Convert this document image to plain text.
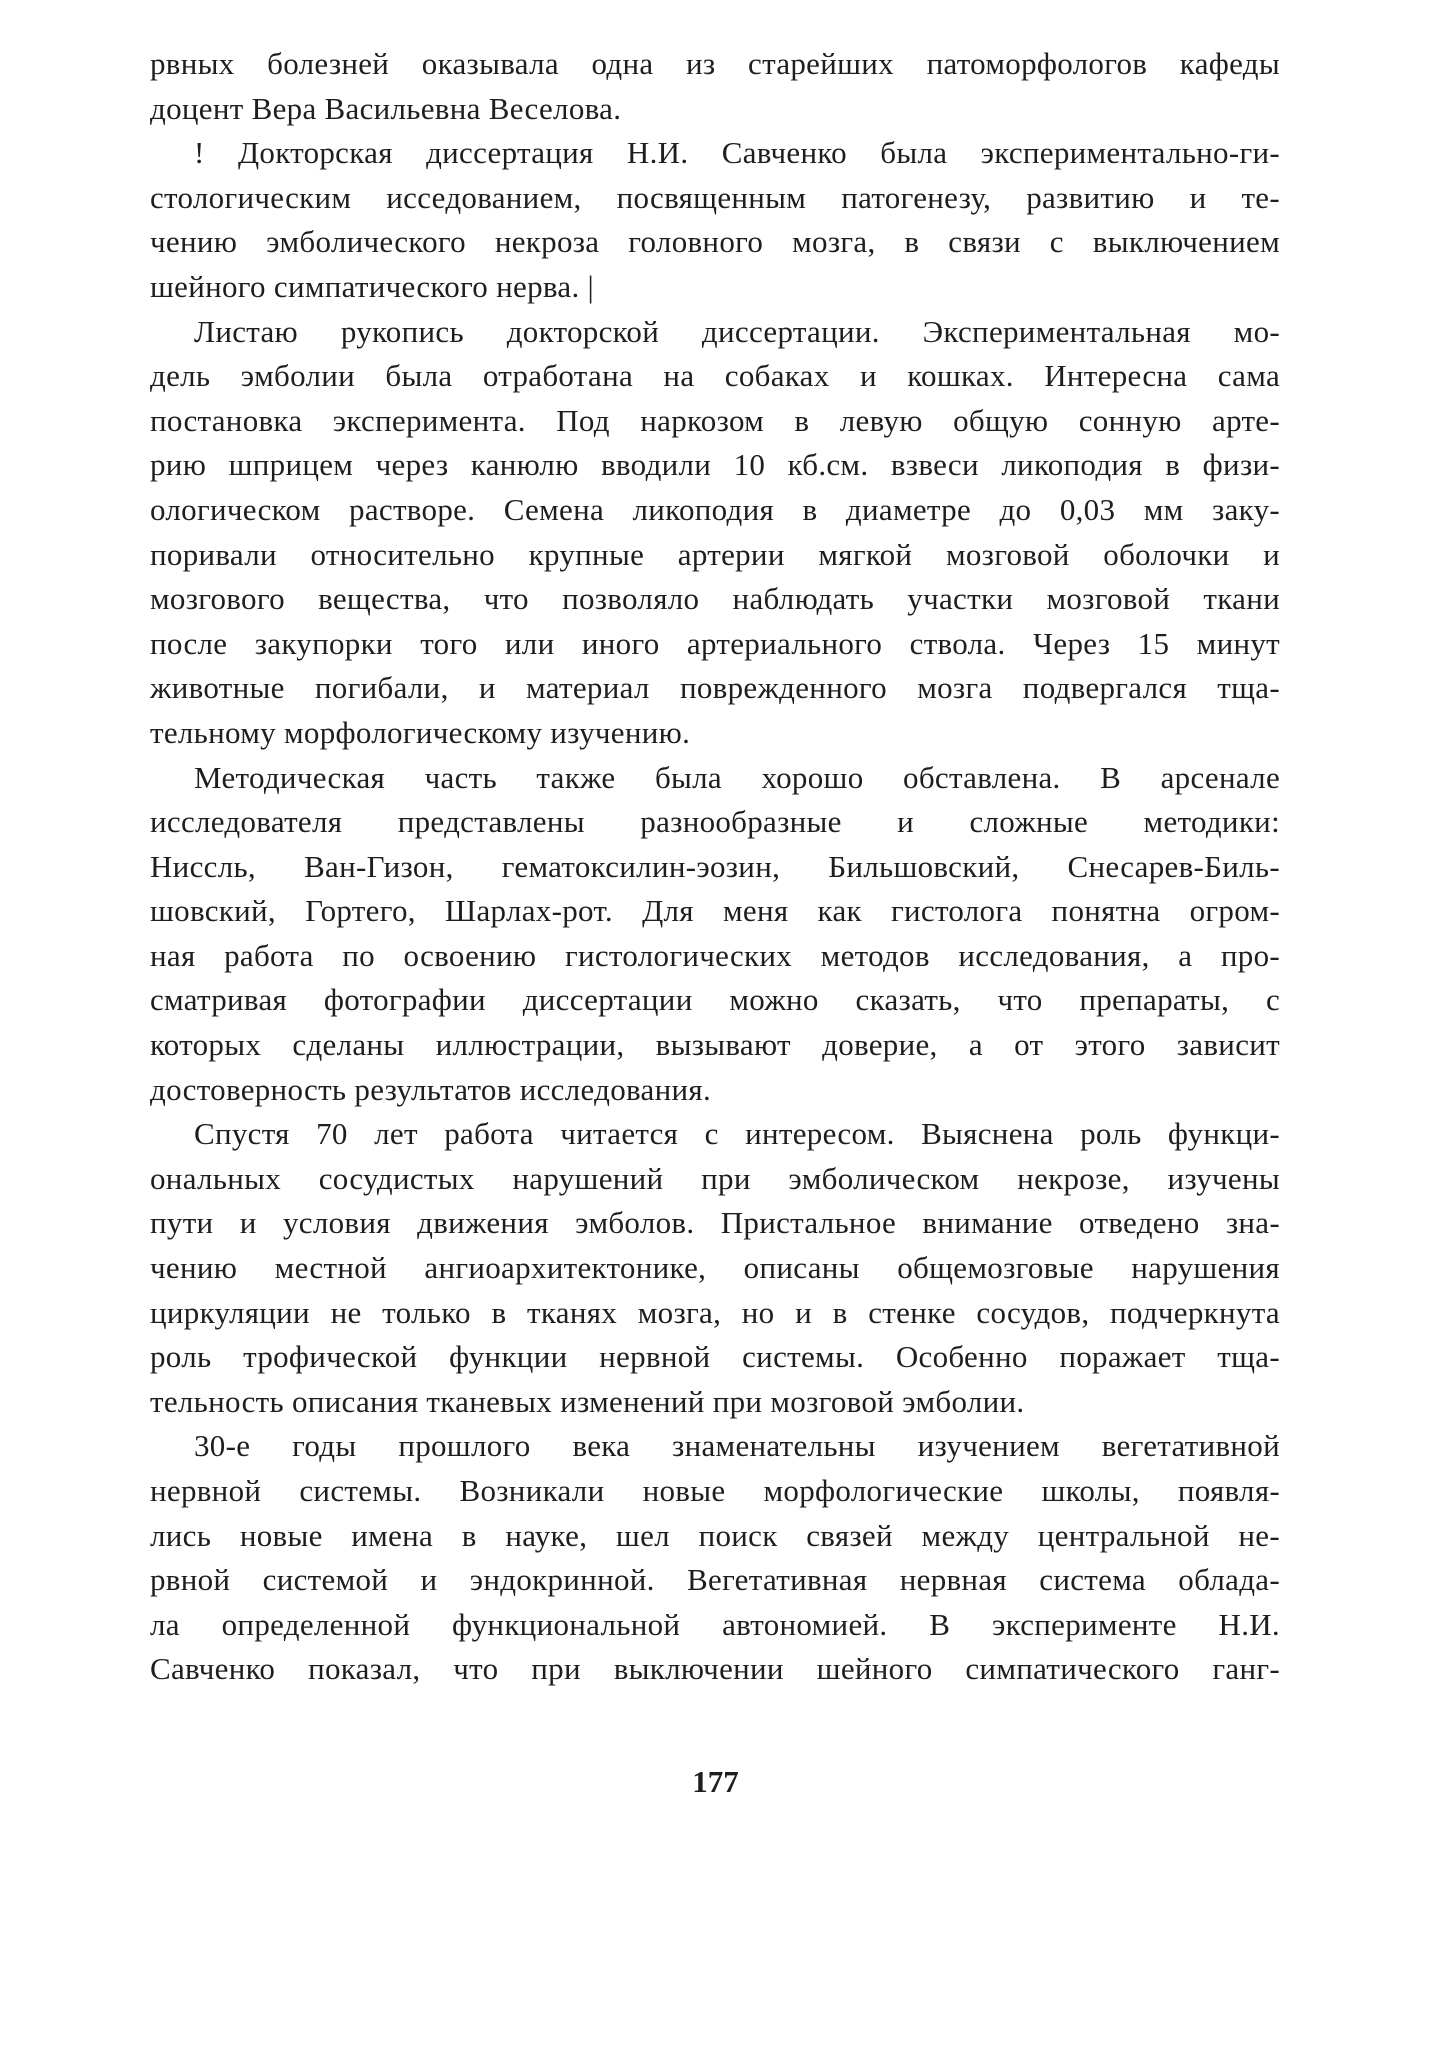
рвных болезней оказывала одна из старейших патоморфологов кафеды
доцент Вера Васильевна Веселова.
! Докторская диссертация Н.И. Савченко была экспериментально-ги-
стологическим исседованием, посвященным патогенезу, развитию и те-
чению эмболического некроза головного мозга, в связи с выключением
шейного симпатического нерва. |
Листаю рукопись докторской диссертации. Экспериментальная мо-
дель эмболии была отработана на собаках и кошках. Интересна сама
постановка эксперимента. Под наркозом в левую общую сонную арте-
рию шприцем через канюлю вводили 10 кб.см. взвеси ликоподия в физи-
ологическом растворе. Семена ликоподия в диаметре до 0,03 мм заку-
поривали относительно крупные артерии мягкой мозговой оболочки и
мозгового вещества, что позволяло наблюдать участки мозговой ткани
после закупорки того или иного артериального ствола. Через 15 минут
животные погибали, и материал поврежденного мозга подвергался тща-
тельному морфологическому изучению.
Методическая часть также была хорошо обставлена. В арсенале
исследователя представлены разнообразные и сложные методики:
Ниссль, Ван-Гизон, гематоксилин-эозин, Бильшовский, Снесарев-Биль-
шовский, Гортего, Шарлах-рот. Для меня как гистолога понятна огром-
ная работа по освоению гистологических методов исследования, а про-
сматривая фотографии диссертации можно сказать, что препараты, с
которых сделаны иллюстрации, вызывают доверие, а от этого зависит
достоверность результатов исследования.
Спустя 70 лет работа читается с интересом. Выяснена роль функци-
ональных сосудистых нарушений при эмболическом некрозе, изучены
пути и условия движения эмболов. Пристальное внимание отведено зна-
чению местной ангиоархитектонике, описаны общемозговые нарушения
циркуляции не только в тканях мозга, но и в стенке сосудов, подчеркнута
роль трофической функции нервной системы. Особенно поражает тща-
тельность описания тканевых изменений при мозговой эмболии.
30-е годы прошлого века знаменательны изучением вегетативной
нервной системы. Возникали новые морфологические школы, появля-
лись новые имена в науке, шел поиск связей между центральной не-
рвной системой и эндокринной. Вегетативная нервная система облада-
ла определенной функциональной автономией. В эксперименте Н.И.
Савченко показал, что при выключении шейного симпатического ганг-
177
